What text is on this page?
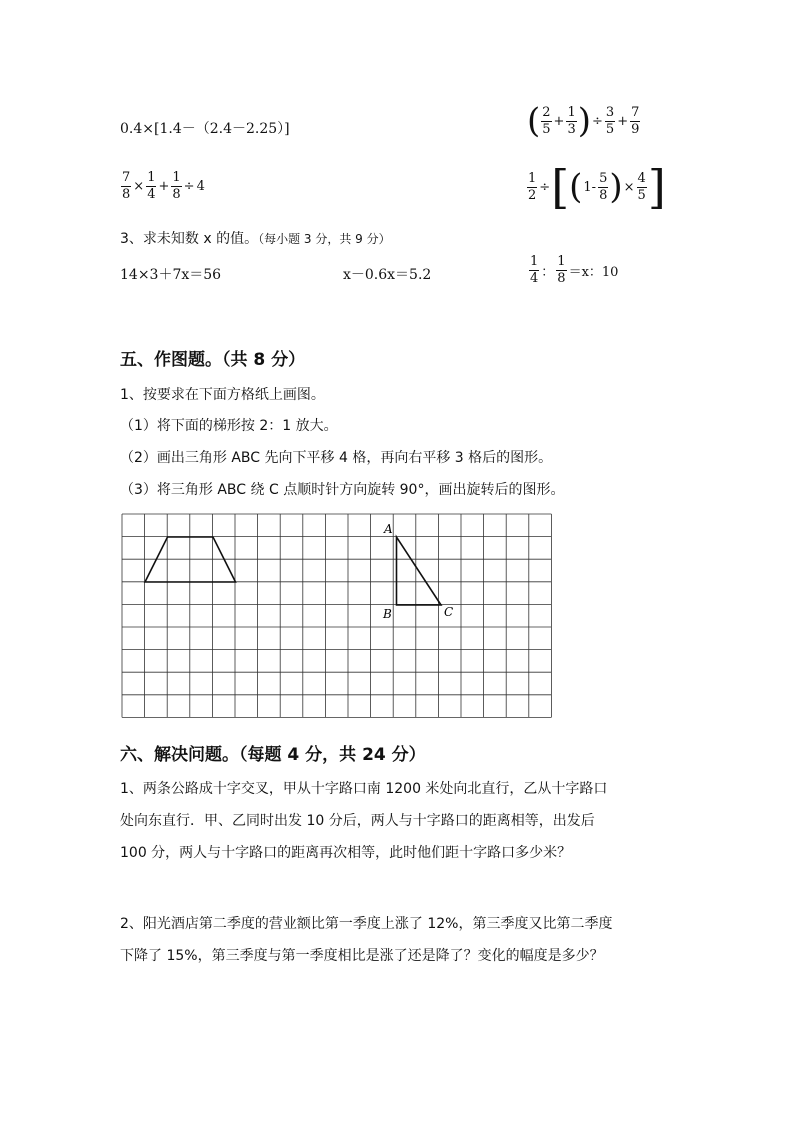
0.4×[1.4－（2.4－2.25）]	( $\frac{2}{5} + \frac{1}{3}$ ) ÷ $\frac{3}{5} + \frac{7}{9}$
$\frac{7}{8} \times \frac{1}{4} + \frac{1}{8} \div 4$	$\frac{1}{2}$ ÷ [ ( $1- \frac{5}{8}$ ) × $\frac{4}{5}$ ]
3、求未知数 x 的值。（每小题 3 分，共 9 分）
14×3＋7x＝56	x－0.6x＝5.2	$\frac{1}{4}$ ： $\frac{1}{8} =x$：10
五、作图题。（共 8 分）
1、按要求在下面方格纸上画图。
（1）将下面的梯形按 2：1 放大。
（2）画出三角形 ABC 先向下平移 4 格，再向右平移 3 格后的图形。
（3）将三角形 ABC 绕 C 点顺时针方向旋转 90°，画出旋转后的图形。
A
B	C
六、解决问题。（每题 4 分，共 24 分）
1、两条公路成十字交叉，甲从十字路口南 1200 米处向北直行，乙从十字路口
处向东直行．甲、乙同时出发 10 分后，两人与十字路口的距离相等，出发后
100 分，两人与十字路口的距离再次相等，此时他们距十字路口多少米？
2、阳光酒店第二季度的营业额比第一季度上涨了 12%，第三季度又比第二季度
下降了 15%，第三季度与第一季度相比是涨了还是降了？变化的幅度是多少？
